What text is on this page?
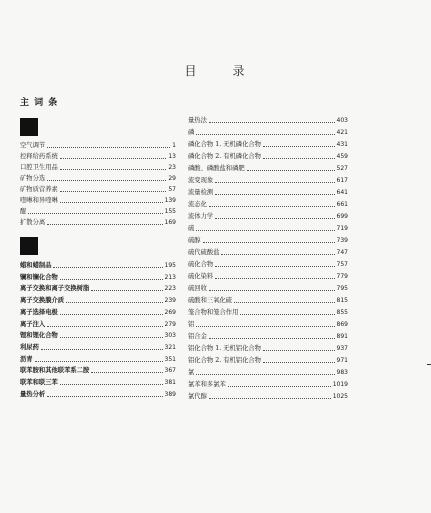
目	录
主 词 条
空气调节	1
控释给药系统	13
口腔卫生用品	23
矿物分选	29
矿物质营养素	57
喹啉和异喹啉	139
醌	155
扩散分离	169
蜡和蜡制品	195
镧和镧化合物	213
离子交换和离子交换树脂	223
离子交换膜介质	239
离子选择电极	269
离子注入	279
锂和锂化合物	303
利尿药	321
沥青	351
联苯胺和其他联苯系二胺	367
联苯和联三苯	381
量热分析	389
量热法	403
磷	421
磷化合物 1. 无机磷化合物	431
磷化合物 2. 有机磷化合物	459
磷酸、磷酸盐和磷肥	527
流变现象	617
流量检测	641
流态化	661
流体力学	699
硫	719
硫醇	739
硫代硫酸盐	747
硫化合物	757
硫化染料	779
硫回收	795
硫酸和三氧化硫	815
笼合物和笼合作用	855
铝	869
铝合金	891
铝化合物 1. 无机铝化合物	937
铝化合物 2. 有机铝化合物	971
氯	983
氯苯和多氯苯	1019
氯代醇	1025
